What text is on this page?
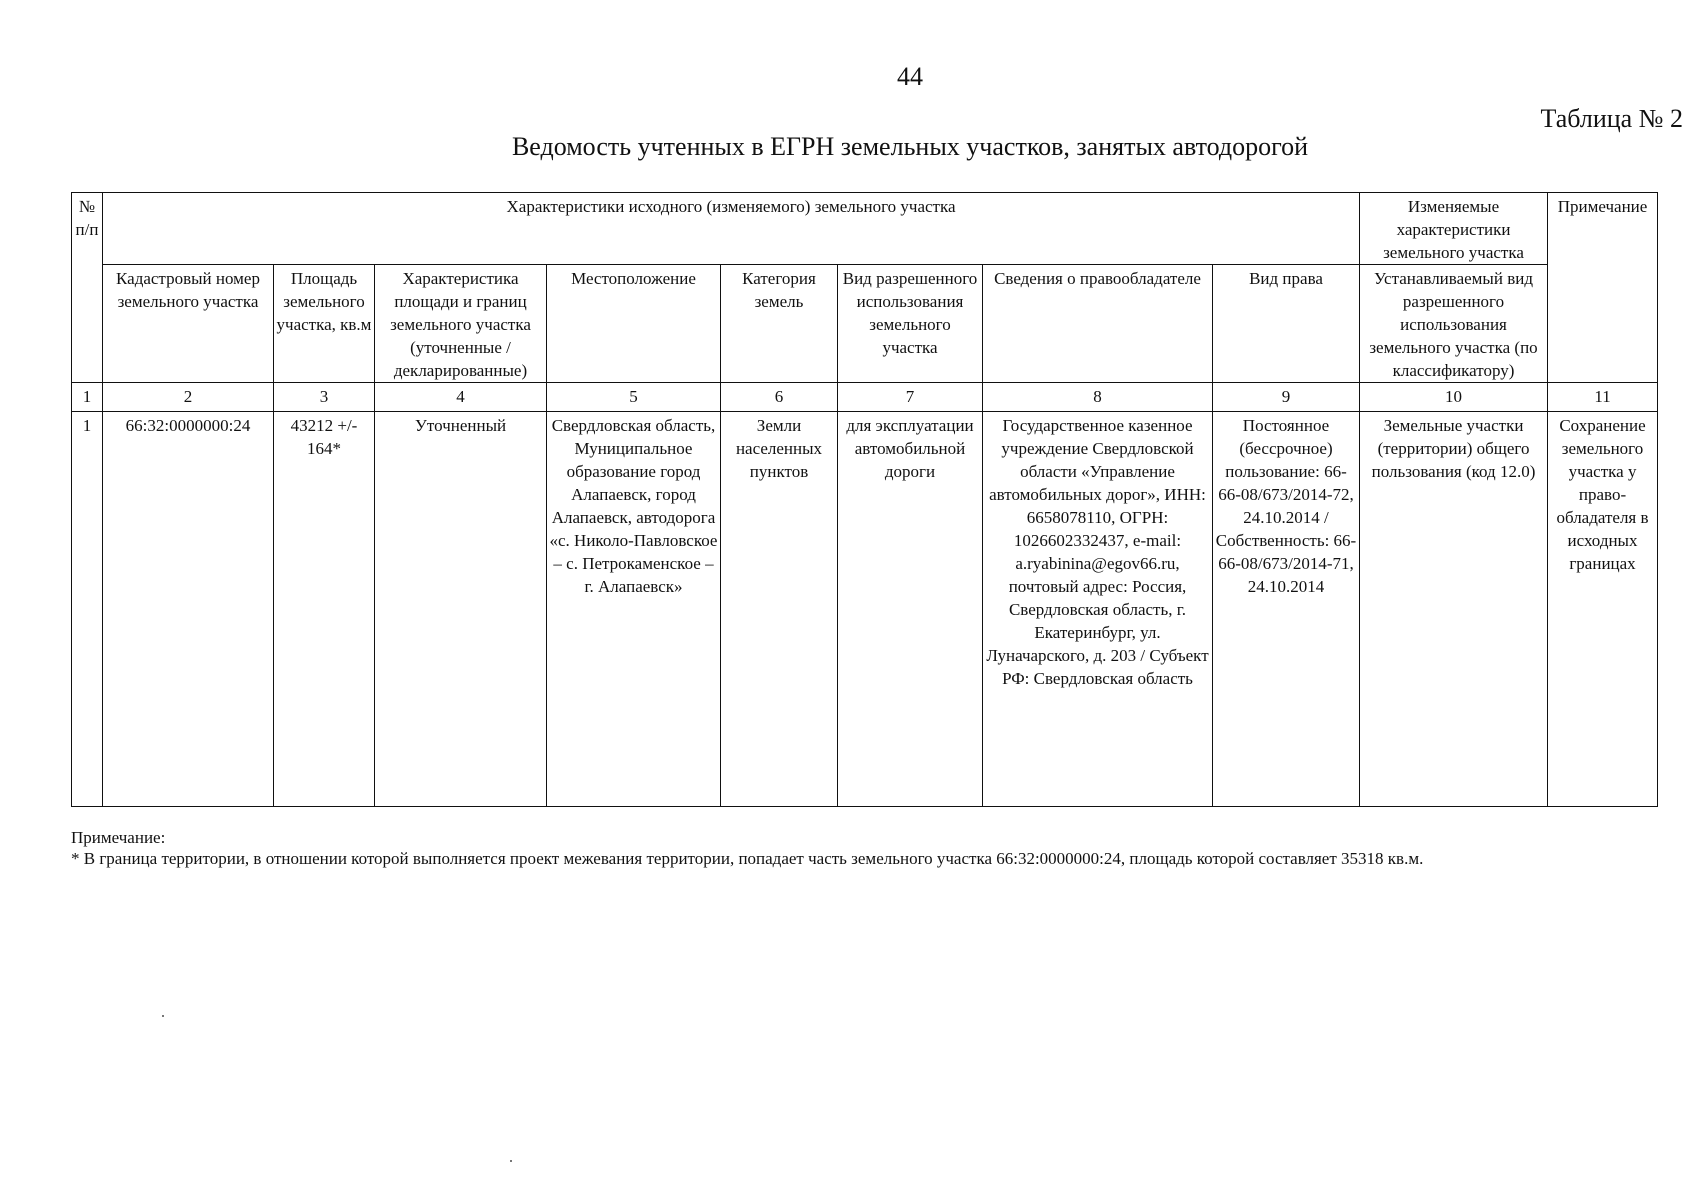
44
Таблица № 2
Ведомость учтенных в ЕГРН земельных участков, занятых автодорогой
№ п/п	Характеристики исходного (изменяемого) земельного участка								Изменяемые характеристики земельного участка	Примечание
	Кадастровый номер земельного участка	Площадь земельного участка, кв.м	Характеристика площади и границ земельного участка (уточненные / декларированные)	Местоположение	Категория земель	Вид разрешенного использования земельного участка	Сведения о правообладателе	Вид права	Устанавливаемый вид разрешенного использования земельного участка (по классификатору)	
1	2	3	4	5	6	7	8	9	10	11
1	66:32:0000000:24	43212 +/- 164*	Уточненный	Свердловская область, Муниципальное образование город Алапаевск, город Алапаевск, автодорога «с. Николо-Павловское – с. Петрокаменское – г. Алапаевск»	Земли населенных пунктов	для эксплуатации автомобильной дороги	Государственное казенное учреждение Свердловской области «Управление автомобильных дорог», ИНН: 6658078110, ОГРН: 1026602332437, e-mail: a.ryabinina@egov66.ru, почтовый адрес: Россия, Свердловская область, г. Екатеринбург, ул. Луначарского, д. 203 / Субъект РФ: Свердловская область	Постоянное (бессрочное) пользование: 66-66-08/673/2014-72, 24.10.2014 / Собственность: 66-66-08/673/2014-71, 24.10.2014	Земельные участки (территории) общего пользования (код 12.0)	Сохранение земельного участка у право-обладателя в исходных границах
Примечание:
* В граница территории, в отношении которой выполняется проект межевания территории, попадает часть земельного участка 66:32:0000000:24, площадь которой составляет 35318 кв.м.
